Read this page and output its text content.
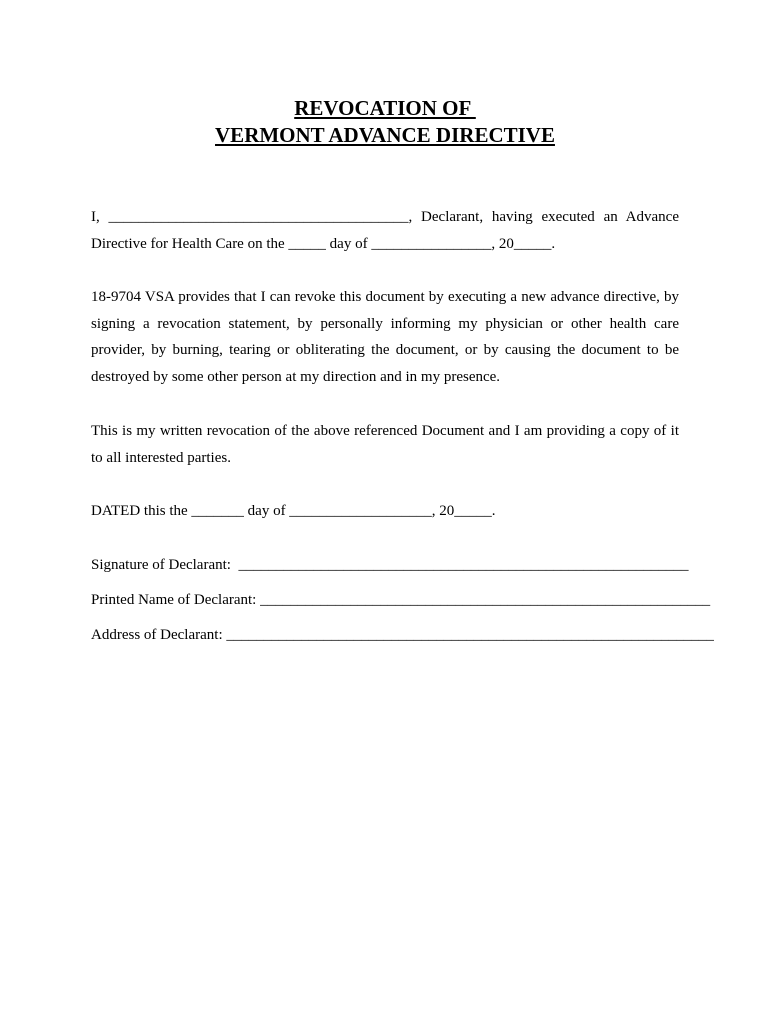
REVOCATION OF
VERMONT ADVANCE DIRECTIVE
I, ________________________________________, Declarant, having executed an Advance
Directive for Health Care on the _____ day of ________________, 20_____.
18-9704 VSA provides that I can revoke this document by executing a new advance directive, by
signing a revocation statement, by personally informing my physician or other health care
provider, by burning, tearing or obliterating the document, or by causing the document to be
destroyed by some other person at my direction and in my presence.
This is my written revocation of the above referenced Document and I am providing a copy of it
to all interested parties.
DATED this the _______ day of ___________________, 20_____.
Signature of Declarant:  ____________________________________________________________
Printed Name of Declarant: ____________________________________________________________
Address of Declarant: _________________________________________________________________
